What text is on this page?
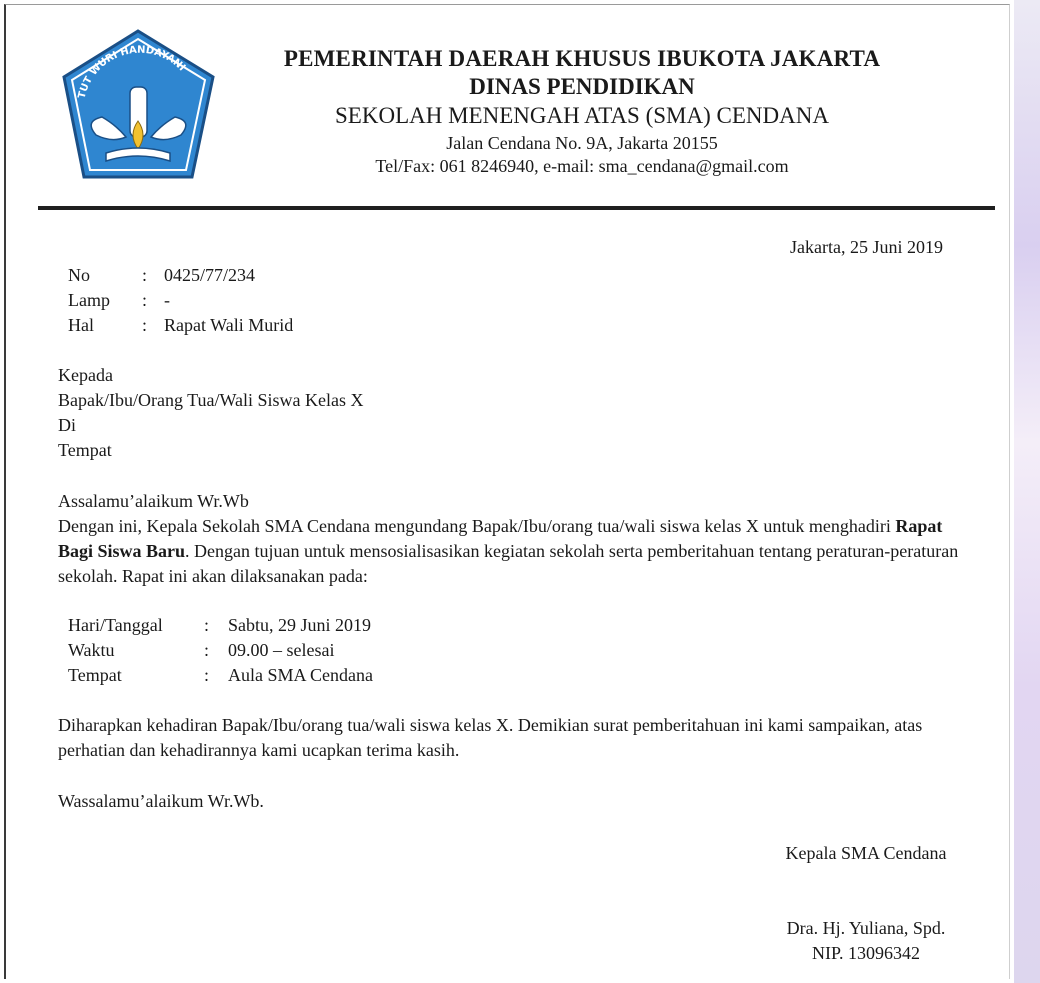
TUT WURI HANDAYANI	PEMERINTAH DAERAH KHUSUS IBUKOTA JAKARTA
DINAS PENDIDIKAN
SEKOLAH MENENGAH ATAS (SMA) CENDANA
Jalan Cendana No. 9A, Jakarta 20155
Tel/Fax: 061 8246940, e-mail: sma_cendana@gmail.com
Jakarta, 25 Juni 2019
No	: 0425/77/234
Lamp	: -
Hal	: Rapat Wali Murid
Kepada
Bapak/Ibu/Orang Tua/Wali Siswa Kelas X
Di
Tempat

Assalamu’alaikum Wr.Wb

Dengan ini, Kepala Sekolah SMA Cendana mengundang Bapak/Ibu/orang tua/wali siswa kelas X untuk menghadiri Rapat Bagi Siswa Baru. Dengan tujuan untuk mensosialisasikan kegiatan sekolah serta pemberitahuan tentang peraturan-peraturan sekolah. Rapat ini akan dilaksanakan pada:

Hari/Tanggal	:	Sabtu, 29 Juni 2019
Waktu	:	09.00 – selesai
Tempat	:	Aula SMA Cendana

Diharapkan kehadiran Bapak/Ibu/orang tua/wali siswa kelas X. Demikian surat pemberitahuan ini kami sampaikan, atas perhatian dan kehadirannya kami ucapkan terima kasih.

Wassalamu’alaikum Wr.Wb.
Kepala SMA Cendana
Dra. Hj. Yuliana, Spd.
NIP. 13096342
